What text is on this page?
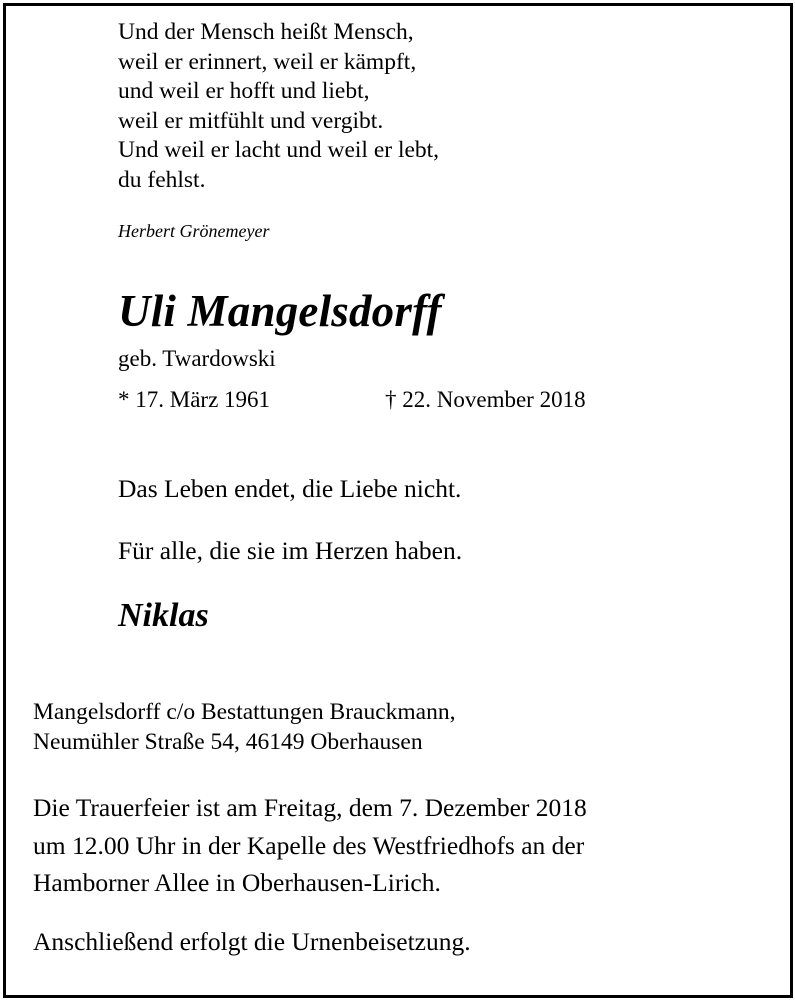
Und der Mensch heißt Mensch,
weil er erinnert, weil er kämpft,
und weil er hofft und liebt,
weil er mitfühlt und vergibt.
Und weil er lacht und weil er lebt,
du fehlst.
Herbert Grönemeyer
Uli Mangelsdorff
geb. Twardowski
* 17. März 1961	† 22. November 2018
Das Leben endet, die Liebe nicht.
Für alle, die sie im Herzen haben.
Niklas
Mangelsdorff c/o Bestattungen Brauckmann,
Neumühler Straße 54, 46149 Oberhausen
Die Trauerfeier ist am Freitag, dem 7. Dezember 2018
um 12.00 Uhr in der Kapelle des Westfriedhofs an der
Hamborner Allee in Oberhausen-Lirich.
Anschließend erfolgt die Urnenbeisetzung.
